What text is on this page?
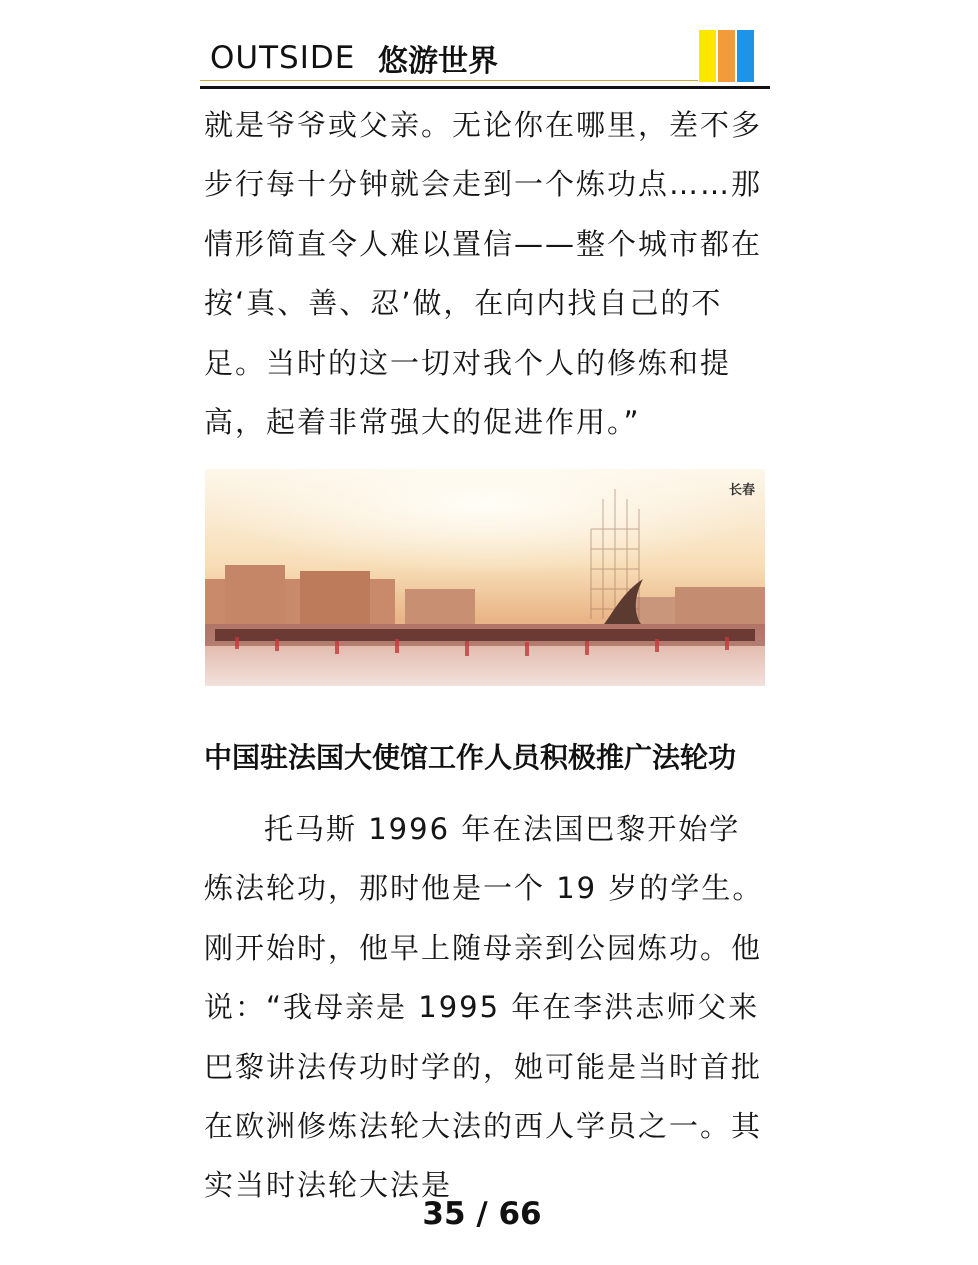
OUTSIDE 悠游世界

就是爷爷或父亲。无论你在哪里，差不多步行每十分钟就会走到一个炼功点……那情形简直令人难以置信——整个城市都在按‘真、善、忍’做，在向内找自己的不足。当时的这一切对我个人的修炼和提高，起着非常强大的促进作用。”

长春
中国驻法国大使馆工作人员积极推广法轮功

托马斯 1996 年在法国巴黎开始学炼法轮功，那时他是一个 19 岁的学生。刚开始时，他早上随母亲到公园炼功。他说：“我母亲是 1995 年在李洪志师父来巴黎讲法传功时学的，她可能是当时首批在欧洲修炼法轮大法的西人学员之一。其实当时法轮大法是

35 / 66
